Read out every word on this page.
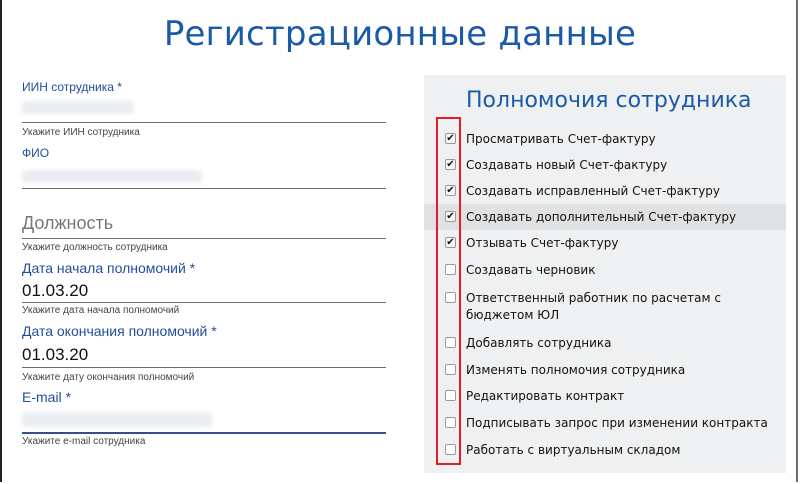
Регистрационные данные
ИИН сотрудника *
Укажите ИИН сотрудника
ФИО
Должность
Укажите должность сотрудника
Дата начала полномочий *
01.03.20
Укажите дата начала полномочий
Дата окончания полномочий *
01.03.20
Укажите дату окончания полномочий
E-mail *
Укажите e-mail сотрудника
Полномочия сотрудника
✔ Просматривать Счет-фактуру
✔ Создавать новый Счет-фактуру
✔ Создавать исправленный Счет-фактуру
✔ Создавать дополнительный Счет-фактуру
✔ Отзывать Счет-фактуру
Создавать черновик
Ответственный работник по расчетам с
бюджетом ЮЛ
Добавлять сотрудника
Изменять полномочия сотрудника
Редактировать контракт
Подписывать запрос при изменении контракта
Работать с виртуальным складом
